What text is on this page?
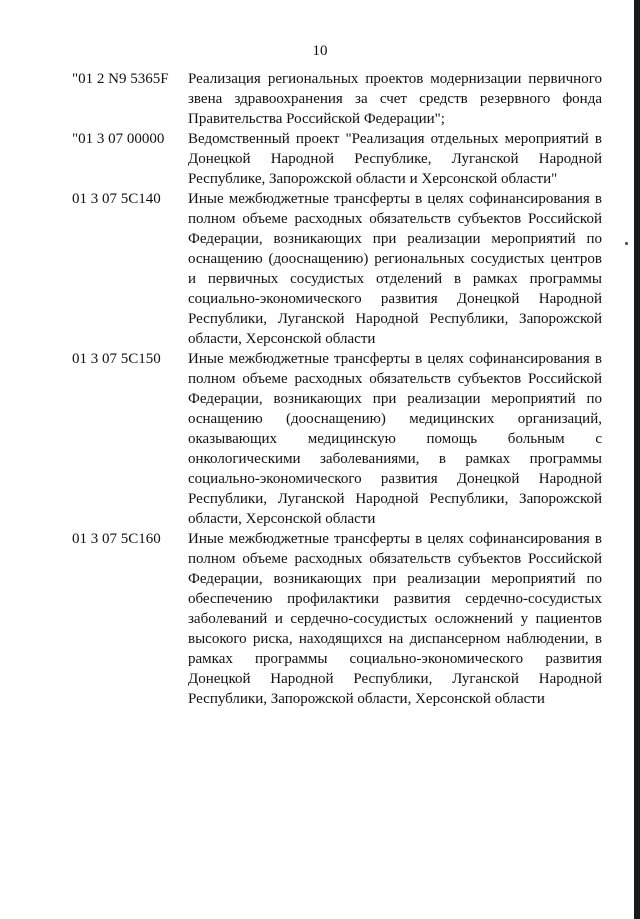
10
"01 2 N9 5365F	Реализация региональных проектов модернизации первичного звена здравоохранения за счет средств резервного фонда Правительства Российской Федерации";
"01 3 07 00000	Ведомственный проект "Реализация отдельных мероприятий в Донецкой Народной Республике, Луганской Народной Республике, Запорожской области и Херсонской области"
01 3 07 5С140	Иные межбюджетные трансферты в целях софинансирования в полном объеме расходных обязательств субъектов Российской Федерации, возникающих при реализации мероприятий по оснащению (дооснащению) региональных сосудистых центров и первичных сосудистых отделений в рамках программы социально-экономического развития Донецкой Народной Республики, Луганской Народной Республики, Запорожской области, Херсонской области
01 3 07 5С150	Иные межбюджетные трансферты в целях софинансирования в полном объеме расходных обязательств субъектов Российской Федерации, возникающих при реализации мероприятий по оснащению (дооснащению) медицинских организаций, оказывающих медицинскую помощь больным с онкологическими заболеваниями, в рамках программы социально-экономического развития Донецкой Народной Республики, Луганской Народной Республики, Запорожской области, Херсонской области
01 3 07 5С160	Иные межбюджетные трансферты в целях софинансирования в полном объеме расходных обязательств субъектов Российской Федерации, возникающих при реализации мероприятий по обеспечению профилактики развития сердечно-сосудистых заболеваний и сердечно-сосудистых осложнений у пациентов высокого риска, находящихся на диспансерном наблюдении, в рамках программы социально-экономического развития Донецкой Народной Республики, Луганской Народной Республики, Запорожской области, Херсонской области
